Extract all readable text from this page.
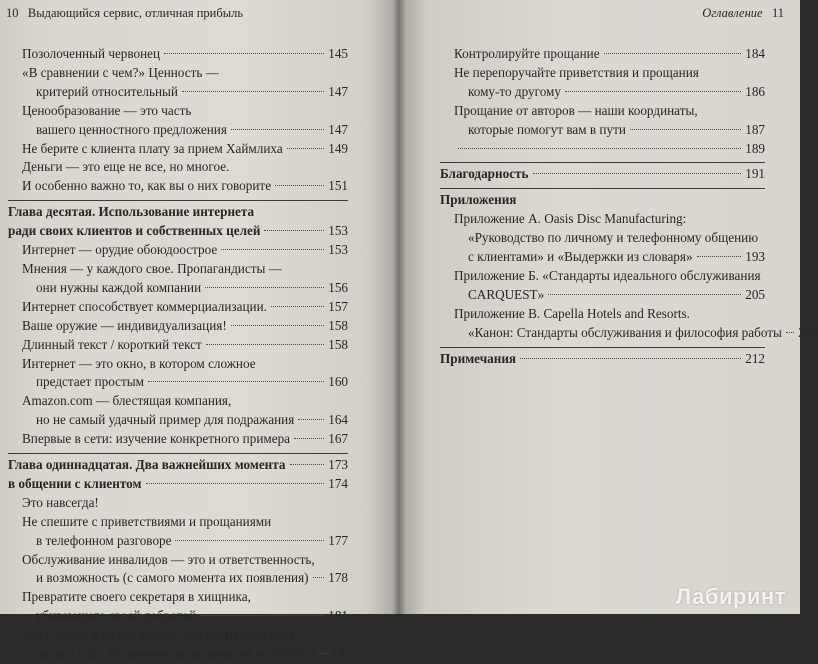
10 Выдающийся сервис, отличная прибыль
Позолоченный червонец	145
«В сравнении с чем?» Ценность —
критерий относительный	147
Ценообразование — это часть
вашего ценностного предложения	147
Не берите с клиента плату за прием Хаймлиха	149
Деньги — это еще не все, но многое.
И особенно важно то, как вы о них говорите	151
Глава десятая. Использование интернета
ради своих клиентов и собственных целей	153
Интернет — орудие обоюдоострое	153
Мнения — у каждого свое. Пропагандисты —
они нужны каждой компании	156
Интернет способствует коммерциализации.	157
Ваше оружие — индивидуализация!	158
Длинный текст / короткий текст	158
Интернет — это окно, в котором сложное
предстает простым	160
Amazon.com — блестящая компания,
но не самый удачный пример для подражания	164
Впервые в сети: изучение конкретного примера	167
Глава одиннадцатая. Два важнейших момента	173
в общении с клиентом	174
Это навсегда!
Не спешите с приветствиями и прощаниями
в телефонном разговоре	177
Обслуживание инвалидов — это и ответственность,
и возможность (с самого момента их появления) 178
Превратите своего секретаря в хищника,
убивающего своей добротой	181
Это Google, а не вы, решает, как гости попадают
на ваш сайт. Но именно вы должны их встретить! 182
Оглавление 11
Контролируйте прощание	184
Не перепоручайте приветствия и прощания
кому-то другому	186
Прощание от авторов — наши координаты,
которые помогут вам в пути	187
189
Благодарность	191
Приложения
Приложение А. Oasis Disc Manufacturing:
«Руководство по личному и телефонному общению
с клиентами» и «Выдержки из словаря»	193
Приложение Б. «Стандарты идеального обслуживания
CARQUEST»	205
Приложение В. Capella Hotels and Resorts.
«Канон: Стандарты обслуживания и философия работы 209
Примечания	212
Лабиринт
